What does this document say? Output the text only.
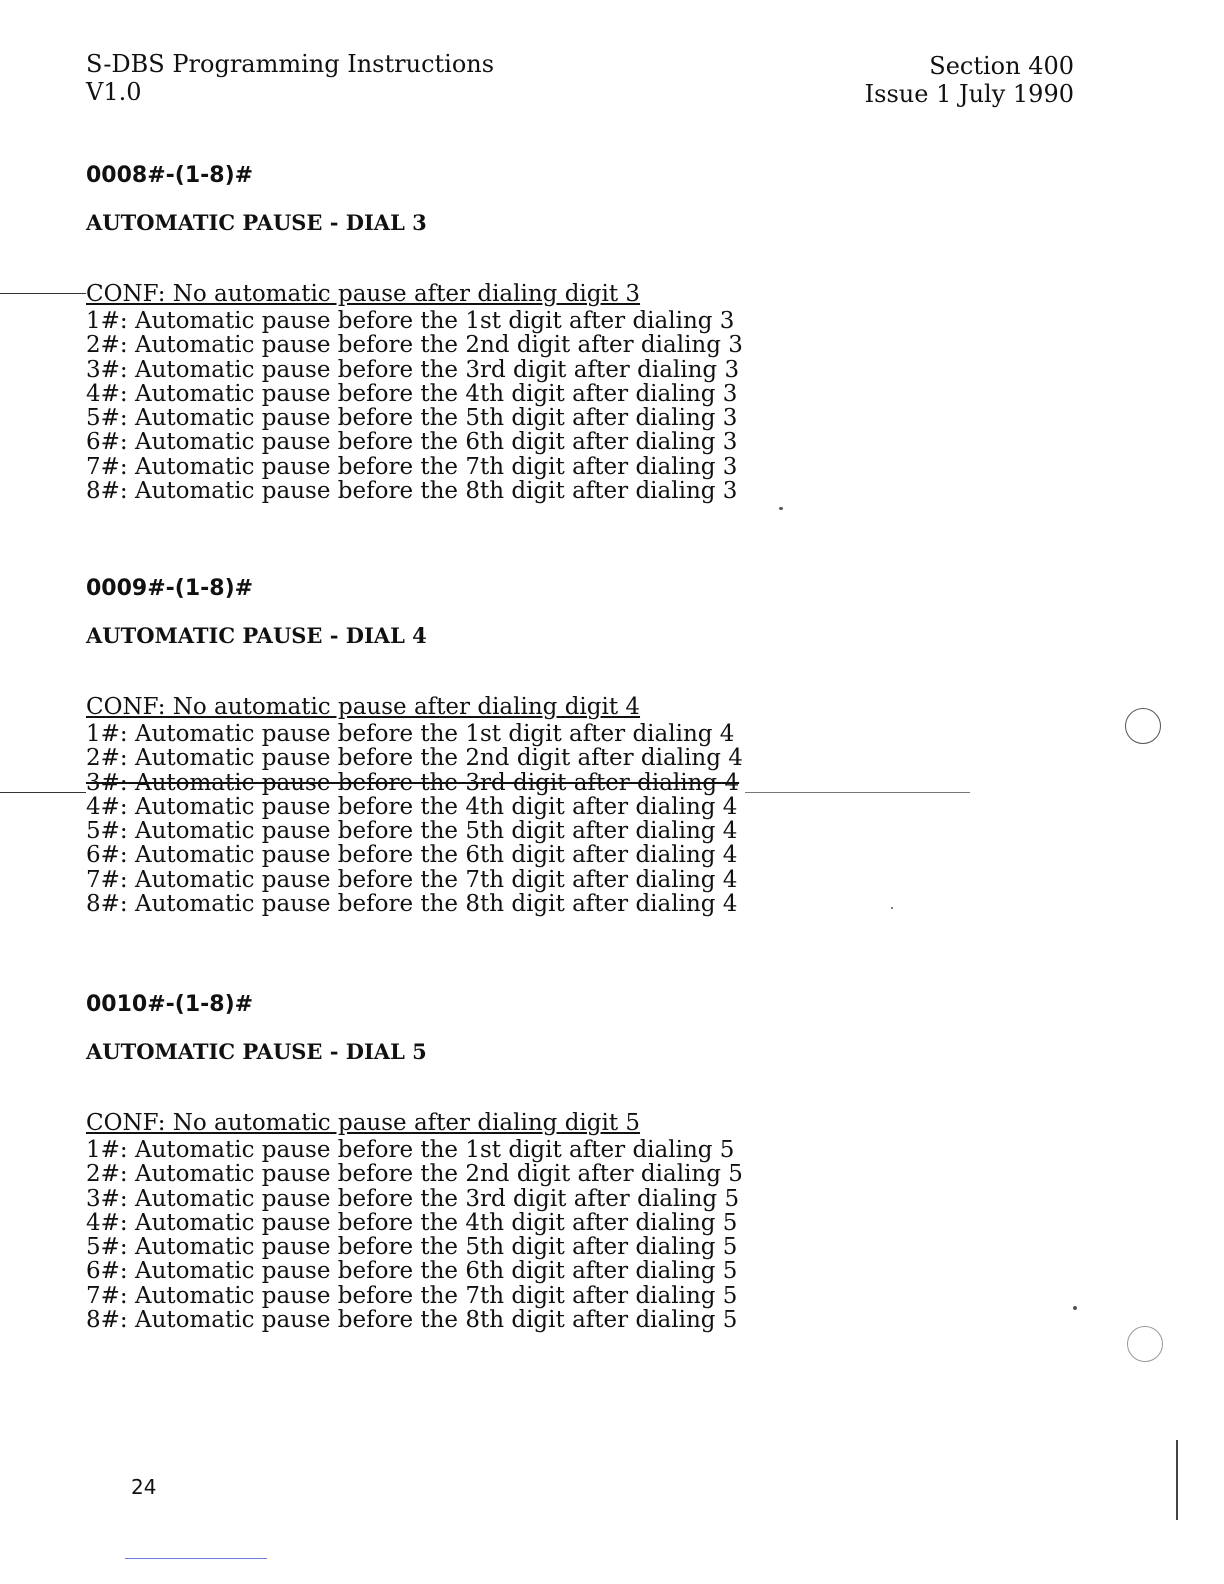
S-DBS Programming Instructions
V1.0
Section 400
Issue 1 July 1990
0008#-(1-8)#
AUTOMATIC PAUSE - DIAL 3
CONF: No automatic pause after dialing digit 3
1#: Automatic pause before the 1st digit after dialing 3
2#: Automatic pause before the 2nd digit after dialing 3
3#: Automatic pause before the 3rd digit after dialing 3
4#: Automatic pause before the 4th digit after dialing 3
5#: Automatic pause before the 5th digit after dialing 3
6#: Automatic pause before the 6th digit after dialing 3
7#: Automatic pause before the 7th digit after dialing 3
8#: Automatic pause before the 8th digit after dialing 3
0009#-(1-8)#
AUTOMATIC PAUSE - DIAL 4
CONF: No automatic pause after dialing digit 4
1#: Automatic pause before the 1st digit after dialing 4
2#: Automatic pause before the 2nd digit after dialing 4
3#: Automatic pause before the 3rd digit after dialing 4
4#: Automatic pause before the 4th digit after dialing 4
5#: Automatic pause before the 5th digit after dialing 4
6#: Automatic pause before the 6th digit after dialing 4
7#: Automatic pause before the 7th digit after dialing 4
8#: Automatic pause before the 8th digit after dialing 4
0010#-(1-8)#
AUTOMATIC PAUSE - DIAL 5
CONF: No automatic pause after dialing digit 5
1#: Automatic pause before the 1st digit after dialing 5
2#: Automatic pause before the 2nd digit after dialing 5
3#: Automatic pause before the 3rd digit after dialing 5
4#: Automatic pause before the 4th digit after dialing 5
5#: Automatic pause before the 5th digit after dialing 5
6#: Automatic pause before the 6th digit after dialing 5
7#: Automatic pause before the 7th digit after dialing 5
8#: Automatic pause before the 8th digit after dialing 5
24
